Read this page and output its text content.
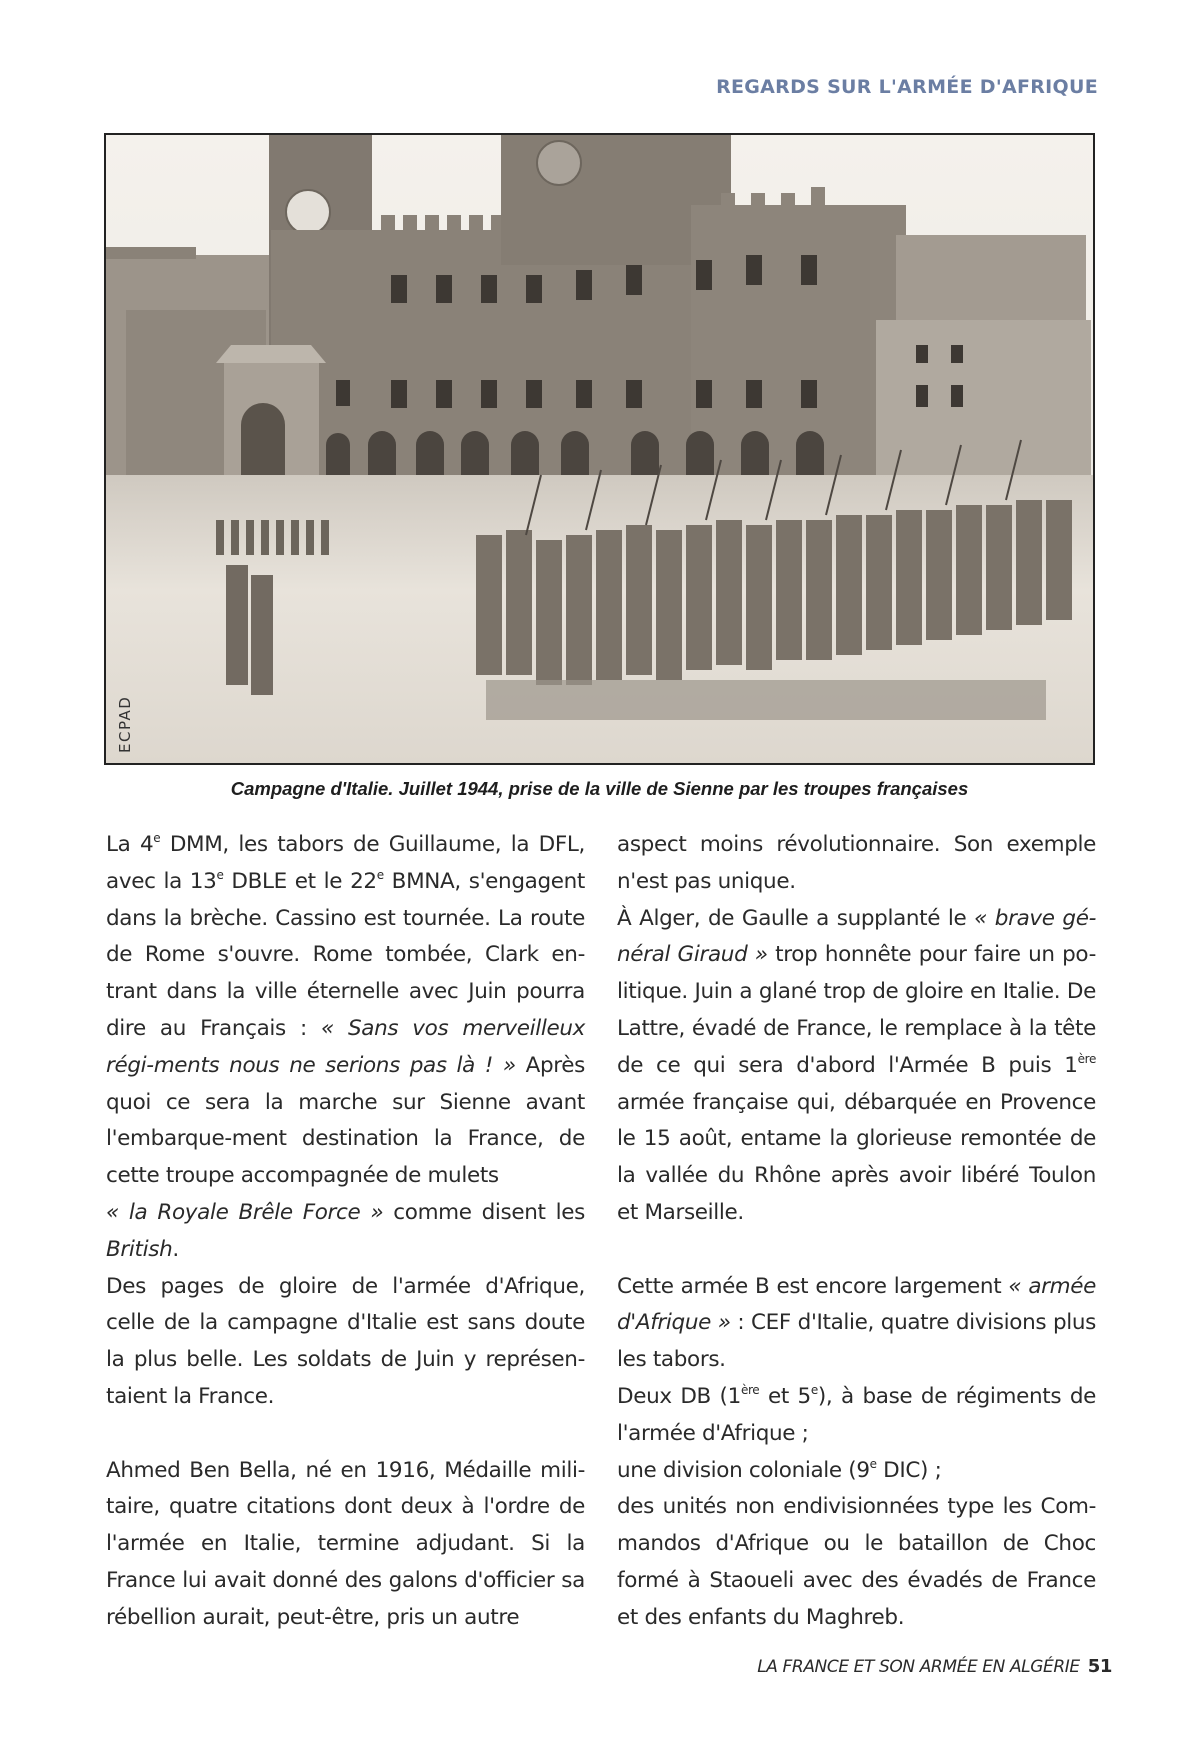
REGARDS SUR L'ARMÉE D'AFRIQUE
ECPAD
Campagne d'Italie. Juillet 1944, prise de la ville de Sienne par les troupes françaises

La 4e DMM, les tabors de Guillaume, la DFL, avec la 13e DBLE et le 22e BMNA, s'engagent dans la brèche. Cassino est tournée. La route de Rome s'ouvre. Rome tombée, Clark en-trant dans la ville éternelle avec Juin pourra dire au Français : « Sans vos merveilleux régi-ments nous ne serions pas là ! » Après quoi ce sera la marche sur Sienne avant l'embarque-ment destination la France, de cette troupe accompagnée de mulets

« la Royale Brêle Force » comme disent les British.

Des pages de gloire de l'armée d'Afrique, celle de la campagne d'Italie est sans doute la plus belle. Les soldats de Juin y représen-taient la France.

Ahmed Ben Bella, né en 1916, Médaille mili-taire, quatre citations dont deux à l'ordre de l'armée en Italie, termine adjudant. Si la France lui avait donné des galons d'officier sa rébellion aurait, peut-être, pris un autre

aspect moins révolutionnaire. Son exemple n'est pas unique.

À Alger, de Gaulle a supplanté le « brave gé-néral Giraud » trop honnête pour faire un po-litique. Juin a glané trop de gloire en Italie. De Lattre, évadé de France, le remplace à la tête de ce qui sera d'abord l'Armée B puis 1ère armée française qui, débarquée en Provence le 15 août, entame la glorieuse remontée de la vallée du Rhône après avoir libéré Toulon et Marseille.

Cette armée B est encore largement « armée d'Afrique » : CEF d'Italie, quatre divisions plus les tabors.

Deux DB (1ère et 5e), à base de régiments de l'armée d'Afrique ;

une division coloniale (9e DIC) ;

des unités non endivisionnées type les Com-mandos d'Afrique ou le bataillon de Choc formé à Staoueli avec des évadés de France et des enfants du Maghreb.

LA FRANCE ET SON ARMÉE EN ALGÉRIE 51
